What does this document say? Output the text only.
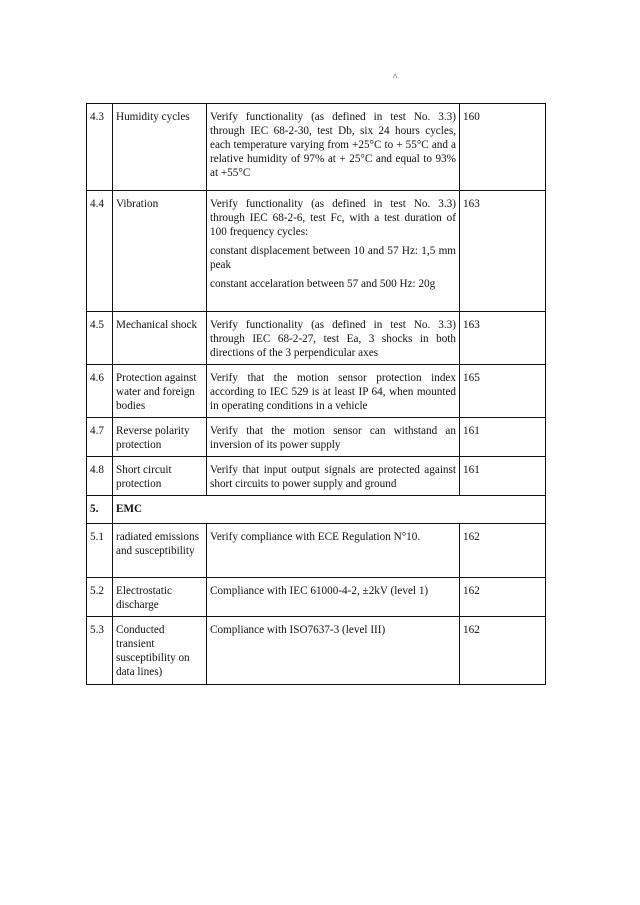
^
4.3	Humidity cycles	Verify functionality (as defined in test No. 3.3) through IEC 68-2-30, test Db, six 24 hours cycles, each temperature varying from +25°C to + 55°C and a relative humidity of 97% at + 25°C and equal to 93% at +55°C	160
4.4	Vibration	Verify functionality (as defined in test No. 3.3) through IEC 68-2-6, test Fc, with a test duration of 100 frequency cycles:
constant displacement between 10 and 57 Hz: 1,5 mm peak
constant accelaration between 57 and 500 Hz: 20g	163
4.5	Mechanical shock	Verify functionality (as defined in test No. 3.3) through IEC 68-2-27, test Ea, 3 shocks in both directions of the 3 perpendicular axes	163
4.6	Protection against water and foreign bodies	Verify that the motion sensor protection index according to IEC 529 is at least IP 64, when mounted in operating conditions in a vehicle	165
4.7	Reverse polarity protection	Verify that the motion sensor can withstand an inversion of its power supply	161
4.8	Short circuit protection	Verify that input output signals are protected against short circuits to power supply and ground	161
5.	EMC		
5.1	radiated emissions and susceptibility	Verify compliance with ECE Regulation N°10.	162
5.2	Electrostatic discharge	Compliance with IEC 61000-4-2, ±2kV (level 1)	162
5.3	Conducted transient susceptibility on data lines)	Compliance with ISO7637-3 (level III)	162
